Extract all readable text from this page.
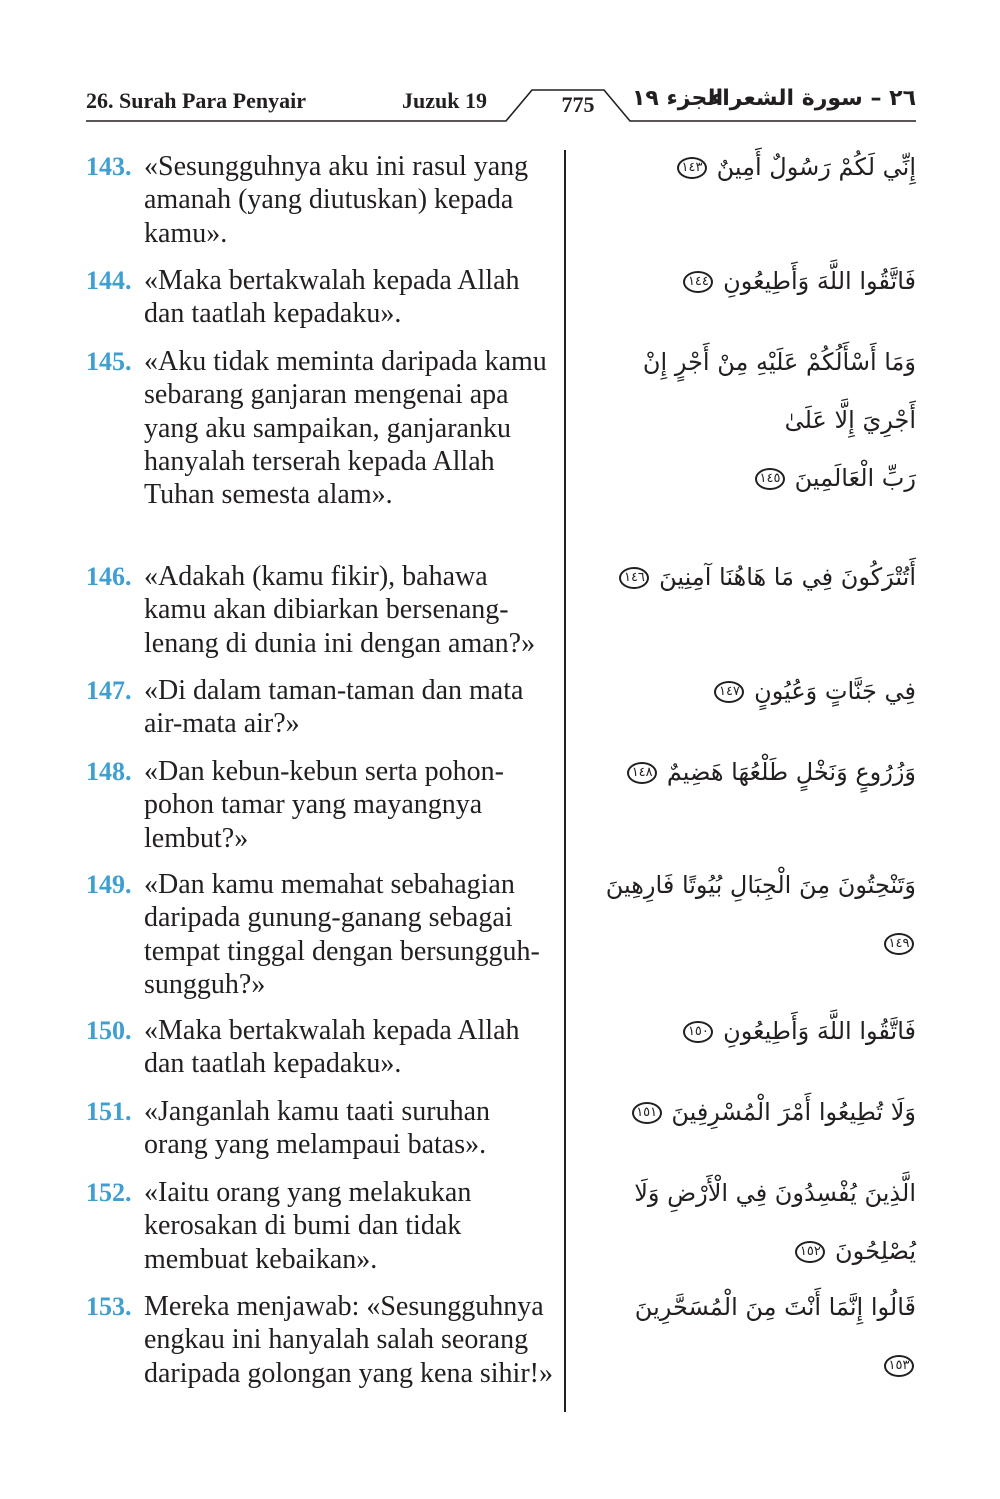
26. Surah Para Penyair	Juzuk 19	775	الجزء ١٩
٢٦ – سورة الشعراء
143. «Sesungguhnya aku ini rasul yang amanah (yang diutuskan) kepada kamu».
إِنِّي لَكُمْ رَسُولٌ أَمِينٌ ١٤٣
144. «Maka bertakwalah kepada Allah dan taatlah kepadaku».
فَاتَّقُوا اللَّهَ وَأَطِيعُونِ ١٤٤
145. «Aku tidak meminta daripada kamu sebarang ganjaran mengenai apa yang aku sampaikan, ganjaranku hanyalah terserah kepada Allah Tuhan semesta alam».
وَمَا أَسْأَلُكُمْ عَلَيْهِ مِنْ أَجْرٍ إِنْ أَجْرِيَ إِلَّا عَلَىٰ
رَبِّ الْعَالَمِينَ ١٤٥
146. «Adakah (kamu fikir), bahawa kamu akan dibiarkan bersenang-lenang di dunia ini dengan aman?»
أَتُتْرَكُونَ فِي مَا هَاهُنَا آمِنِينَ ١٤٦
147. «Di dalam taman-taman dan mata air-mata air?»
فِي جَنَّاتٍ وَعُيُونٍ ١٤٧
148. «Dan kebun-kebun serta pohon-pohon tamar yang mayangnya lembut?»
وَزُرُوعٍ وَنَخْلٍ طَلْعُهَا هَضِيمٌ ١٤٨
149. «Dan kamu memahat sebahagian daripada gunung-ganang sebagai tempat tinggal dengan bersungguh-sungguh?»
وَتَنْحِتُونَ مِنَ الْجِبَالِ بُيُوتًا فَارِهِينَ ١٤٩
150. «Maka bertakwalah kepada Allah dan taatlah kepadaku».
فَاتَّقُوا اللَّهَ وَأَطِيعُونِ ١٥٠
151. «Janganlah kamu taati suruhan orang yang melampaui batas».
وَلَا تُطِيعُوا أَمْرَ الْمُسْرِفِينَ ١٥١
152. «Iaitu orang yang melakukan kerosakan di bumi dan tidak membuat kebaikan».
الَّذِينَ يُفْسِدُونَ فِي الْأَرْضِ وَلَا يُصْلِحُونَ ١٥٢
153. Mereka menjawab: «Sesungguhnya engkau ini hanyalah salah seorang daripada golongan yang kena sihir!»
قَالُوا إِنَّمَا أَنْتَ مِنَ الْمُسَحَّرِينَ ١٥٣
